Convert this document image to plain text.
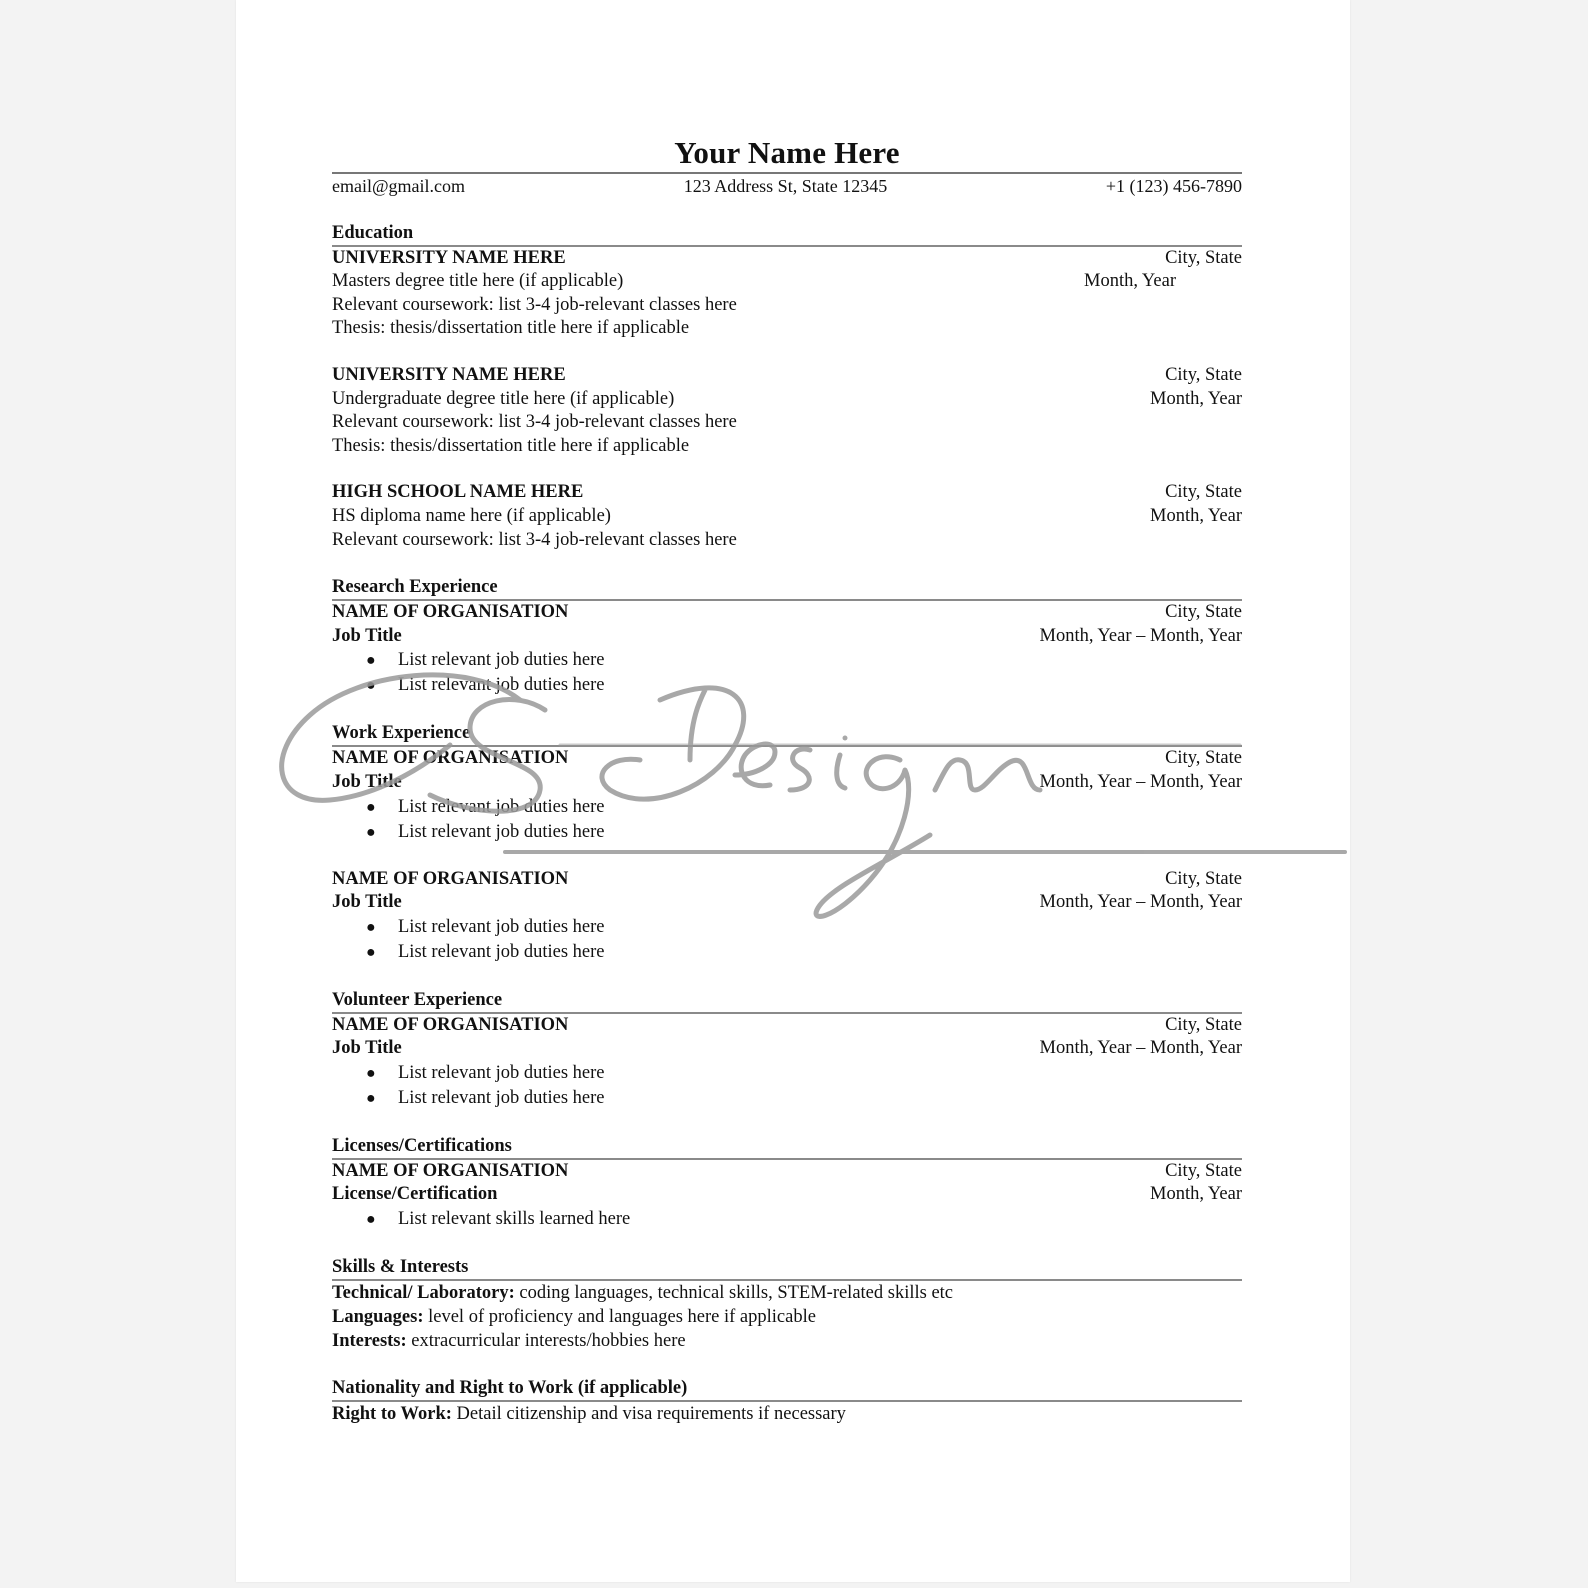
Your Name Here
email@gmail.com	123 Address St, State 12345	+1 (123) 456-7890
Education
UNIVERSITY NAME HERE	City, State
Masters degree title here (if applicable)	Month, Year
Relevant coursework: list 3-4 job-relevant classes here
Thesis: thesis/dissertation title here if applicable
UNIVERSITY NAME HERE	City, State
Undergraduate degree title here (if applicable)	Month, Year
Relevant coursework: list 3-4 job-relevant classes here
Thesis: thesis/dissertation title here if applicable
HIGH SCHOOL NAME HERE	City, State
HS diploma name here (if applicable)	Month, Year
Relevant coursework: list 3-4 job-relevant classes here
Research Experience
NAME OF ORGANISATION	City, State
Job Title	Month, Year – Month, Year
● List relevant job duties here
● List relevant job duties here
Work Experience
NAME OF ORGANISATION	City, State
Job Title	Month, Year – Month, Year
● List relevant job duties here
● List relevant job duties here
NAME OF ORGANISATION	City, State
Job Title	Month, Year – Month, Year
● List relevant job duties here
● List relevant job duties here
Volunteer Experience
NAME OF ORGANISATION	City, State
Job Title	Month, Year – Month, Year
● List relevant job duties here
● List relevant job duties here
Licenses/Certifications
NAME OF ORGANISATION	City, State
License/Certification	Month, Year
● List relevant skills learned here
Skills & Interests
Technical/ Laboratory: coding languages, technical skills, STEM-related skills etc
Languages: level of proficiency and languages here if applicable
Interests: extracurricular interests/hobbies here
Nationality and Right to Work (if applicable)
Right to Work: Detail citizenship and visa requirements if necessary
